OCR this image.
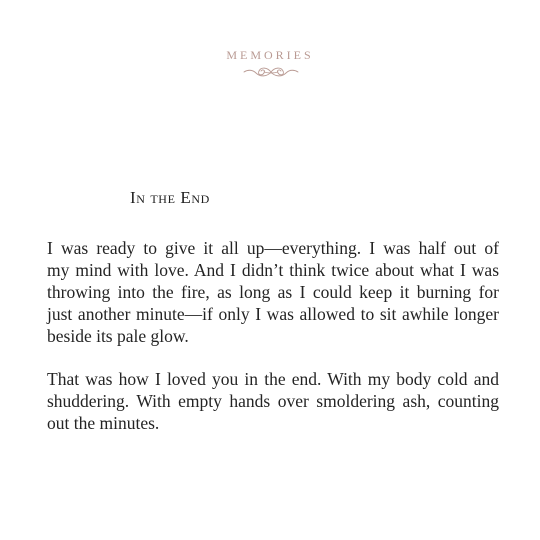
MEMORIES
In the End
I was ready to give it all up—everything. I was half out of
my mind with love. And I didn’t think twice about what I was
throwing into the fire, as long as I could keep it burning for
just another minute—if only I was allowed to sit awhile longer
beside its pale glow.
That was how I loved you in the end. With my body cold and
shuddering. With empty hands over smoldering ash, counting
out the minutes.
